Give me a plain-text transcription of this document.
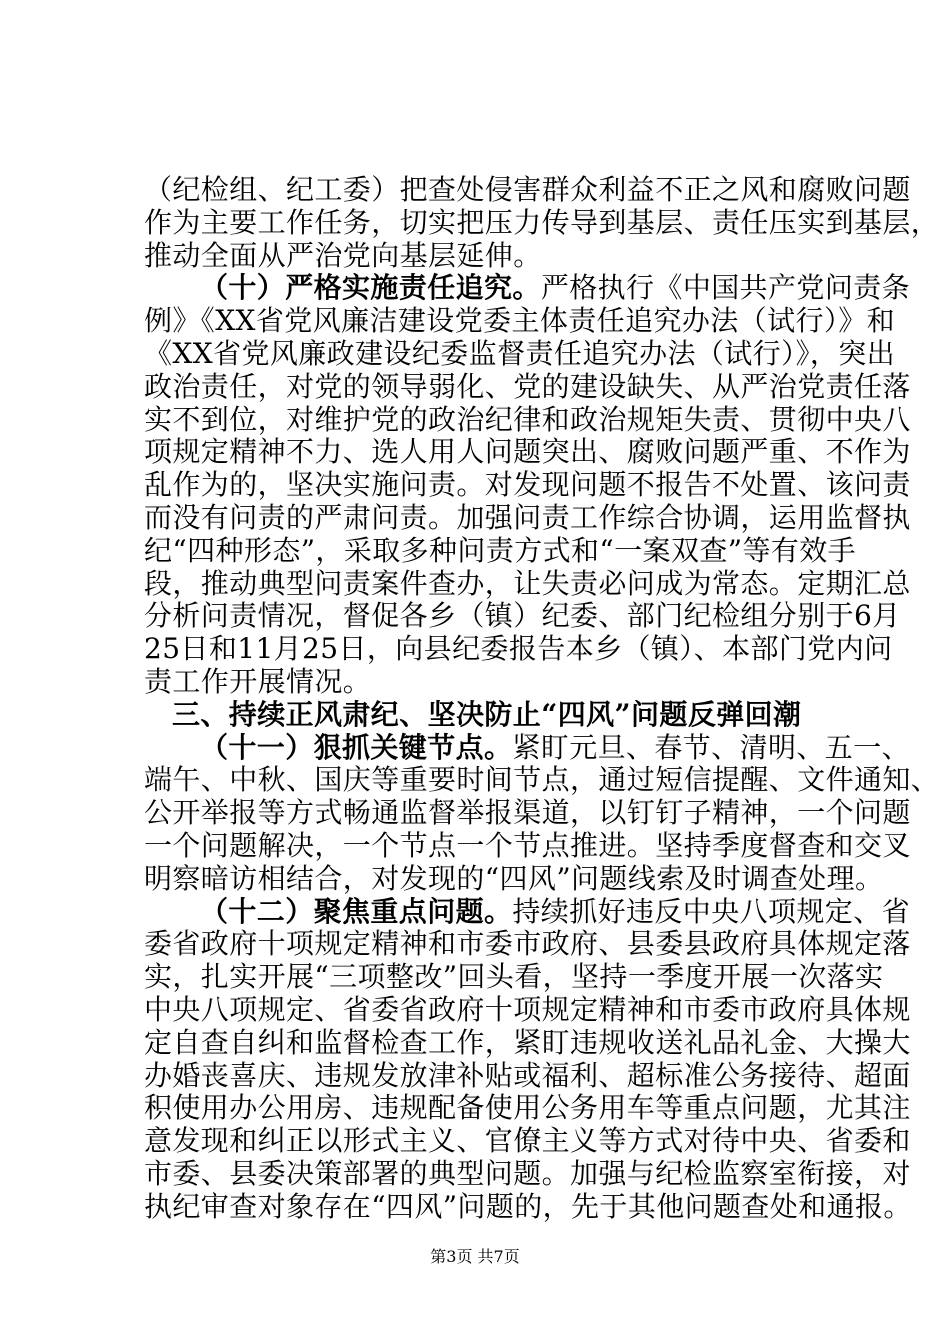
（纪检组、纪工委）把查处侵害群众利益不正之风和腐败问题
作为主要工作任务，切实把压力传导到基层、责任压实到基层，
推动全面从严治党向基层延伸。
（十）严格实施责任追究。严格执行《中国共产党问责条
例》《XX省党风廉洁建设党委主体责任追究办法（试行）》和
《XX省党风廉政建设纪委监督责任追究办法（试行）》，突出
政治责任，对党的领导弱化、党的建设缺失、从严治党责任落
实不到位，对维护党的政治纪律和政治规矩失责、贯彻中央八
项规定精神不力、选人用人问题突出、腐败问题严重、不作为
乱作为的，坚决实施问责。对发现问题不报告不处置、该问责
而没有问责的严肃问责。加强问责工作综合协调，运用监督执
纪“四种形态”，采取多种问责方式和“一案双查”等有效手
段，推动典型问责案件查办，让失责必问成为常态。定期汇总
分析问责情况，督促各乡（镇）纪委、部门纪检组分别于6月
25日和11月25日，向县纪委报告本乡（镇）、本部门党内问
责工作开展情况。
三、持续正风肃纪、坚决防止“四风”问题反弹回潮
（十一）狠抓关键节点。紧盯元旦、春节、清明、五一、
端午、中秋、国庆等重要时间节点，通过短信提醒、文件通知、
公开举报等方式畅通监督举报渠道，以钉钉子精神，一个问题
一个问题解决，一个节点一个节点推进。坚持季度督查和交叉
明察暗访相结合，对发现的“四风”问题线索及时调查处理。
（十二）聚焦重点问题。持续抓好违反中央八项规定、省
委省政府十项规定精神和市委市政府、县委县政府具体规定落
实，扎实开展“三项整改”回头看，坚持一季度开展一次落实
中央八项规定、省委省政府十项规定精神和市委市政府具体规
定自查自纠和监督检查工作，紧盯违规收送礼品礼金、大操大
办婚丧喜庆、违规发放津补贴或福利、超标准公务接待、超面
积使用办公用房、违规配备使用公务用车等重点问题，尤其注
意发现和纠正以形式主义、官僚主义等方式对待中央、省委和
市委、县委决策部署的典型问题。加强与纪检监察室衔接，对
执纪审查对象存在“四风”问题的，先于其他问题查处和通报。
第3页 共7页
